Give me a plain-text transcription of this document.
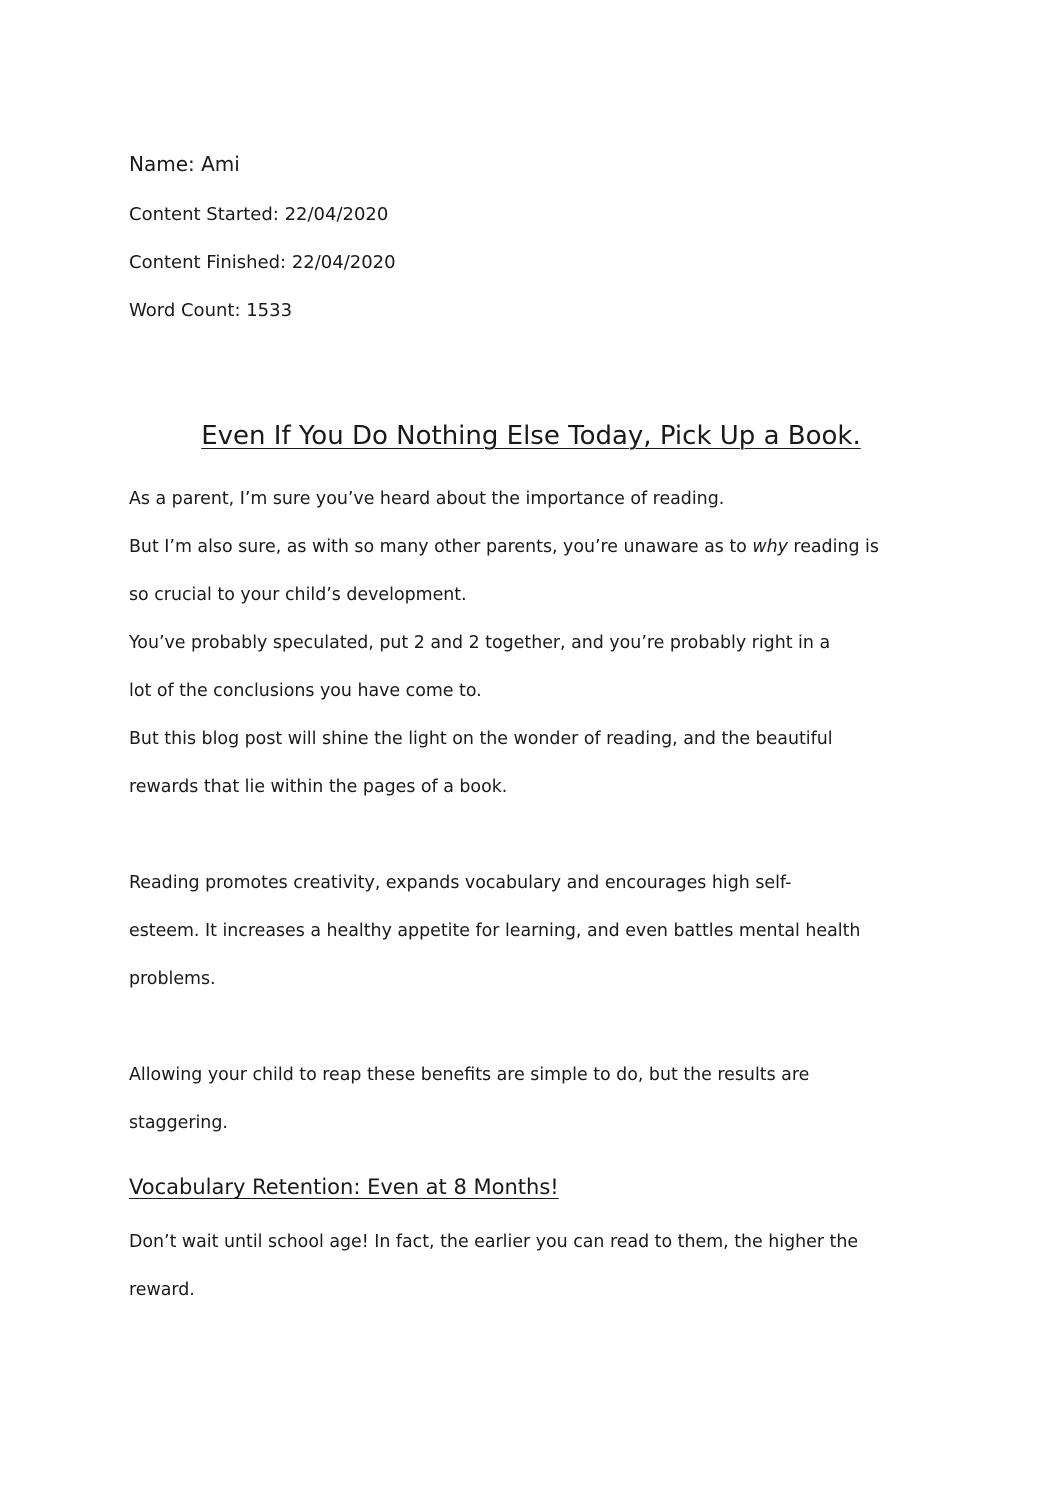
Name: Ami
Content Started: 22/04/2020
Content Finished: 22/04/2020
Word Count: 1533
Even If You Do Nothing Else Today, Pick Up a Book.
As a parent, I’m sure you’ve heard about the importance of reading.
But I’m also sure, as with so many other parents, you’re unaware as to why reading is
so crucial to your child’s development.
You’ve probably speculated, put 2 and 2 together, and you’re probably right in a
lot of the conclusions you have come to.
But this blog post will shine the light on the wonder of reading, and the beautiful
rewards that lie within the pages of a book.
Reading promotes creativity, expands vocabulary and encourages high self-
esteem. It increases a healthy appetite for learning, and even battles mental health
problems.
Allowing your child to reap these benefits are simple to do, but the results are
staggering.
Vocabulary Retention: Even at 8 Months!
Don’t wait until school age! In fact, the earlier you can read to them, the higher the
reward.
